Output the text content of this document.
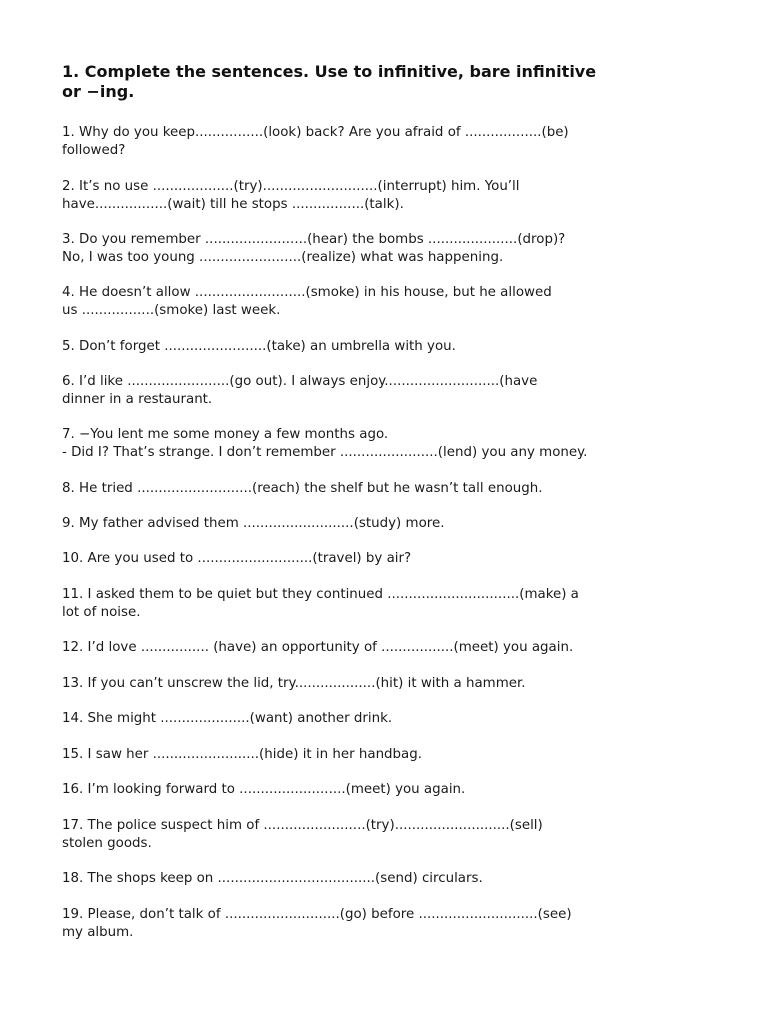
1. Complete the sentences. Use to infinitive, bare infinitive
or −ing.

1. Why do you keep................(look) back? Are you afraid of ..................(be)
followed?

2. It’s no use ...................(try)...........................(interrupt) him. You’ll
have.................(wait) till he stops .................(talk).

3. Do you remember ........................(hear) the bombs .....................(drop)?
No, I was too young ........................(realize) what was happening.

4. He doesn’t allow ..........................(smoke) in his house, but he allowed
us .................(smoke) last week.

5. Don’t forget ........................(take) an umbrella with you.

6. I’d like ........................(go out). I always enjoy...........................(have
dinner in a restaurant.

7. −You lent me some money a few months ago.
- Did I? That’s strange. I don’t remember .......................(lend) you any money.

8. He tried ...........................(reach) the shelf but he wasn’t tall enough.

9. My father advised them ..........................(study) more.

10. Are you used to ...........................(travel) by air?

11. I asked them to be quiet but they continued ...............................(make) a
lot of noise.

12. I’d love ................ (have) an opportunity of .................(meet) you again.

13. If you can’t unscrew the lid, try...................(hit) it with a hammer.

14. She might .....................(want) another drink.

15. I saw her .........................(hide) it in her handbag.

16. I’m looking forward to .........................(meet) you again.

17. The police suspect him of ........................(try)...........................(sell)
stolen goods.

18. The shops keep on .....................................(send) circulars.

19. Please, don’t talk of ...........................(go) before ............................(see)
my album.
